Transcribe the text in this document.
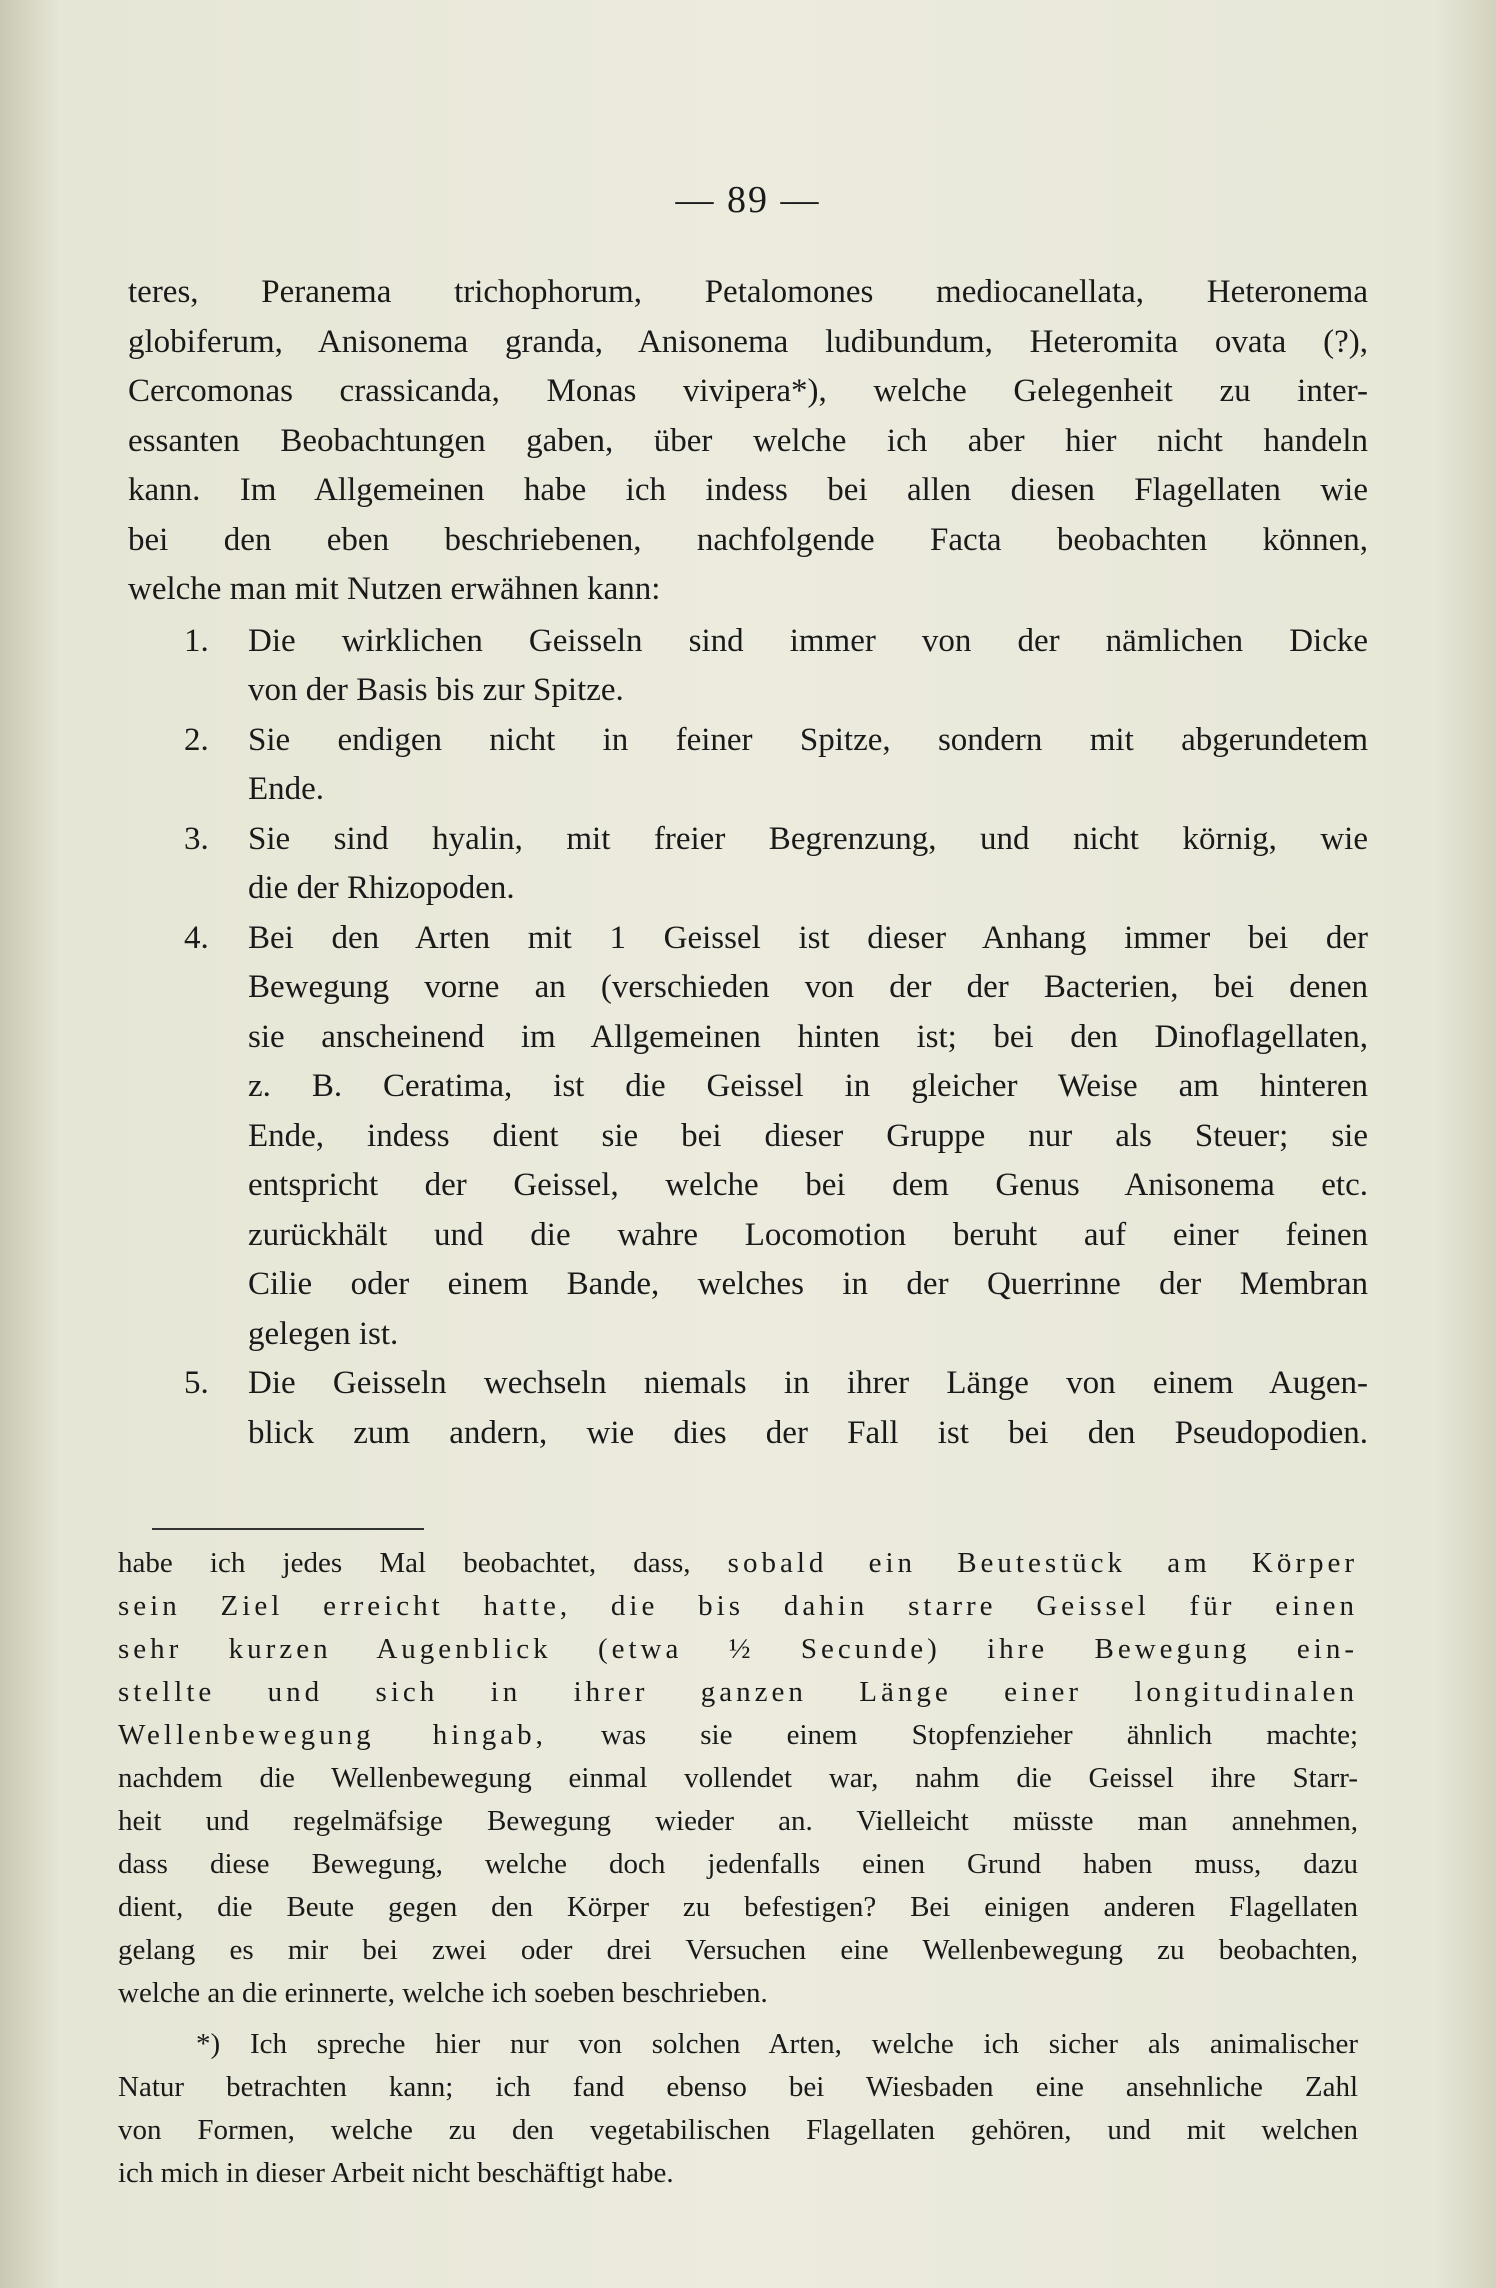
— 89 —

teres, Peranema trichophorum, Petalomones mediocanellata, Heteronema
globiferum, Anisonema granda, Anisonema ludibundum, Heteromita ovata (?),
Cercomonas crassicanda, Monas vivipera*), welche Gelegenheit zu inter-
essanten Beobachtungen gaben, über welche ich aber hier nicht handeln
kann. Im Allgemeinen habe ich indess bei allen diesen Flagellaten wie
bei den eben beschriebenen, nachfolgende Facta beobachten können,
welche man mit Nutzen erwähnen kann:

1. Die wirklichen Geisseln sind immer von der nämlichen Dicke
von der Basis bis zur Spitze.
2. Sie endigen nicht in feiner Spitze, sondern mit abgerundetem
Ende.
3. Sie sind hyalin, mit freier Begrenzung, und nicht körnig, wie
die der Rhizopoden.
4. Bei den Arten mit 1 Geissel ist dieser Anhang immer bei der
Bewegung vorne an (verschieden von der der Bacterien, bei denen
sie anscheinend im Allgemeinen hinten ist; bei den Dinoflagellaten,
z. B. Ceratima, ist die Geissel in gleicher Weise am hinteren
Ende, indess dient sie bei dieser Gruppe nur als Steuer; sie
entspricht der Geissel, welche bei dem Genus Anisonema etc.
zurückhält und die wahre Locomotion beruht auf einer feinen
Cilie oder einem Bande, welches in der Querrinne der Membran
gelegen ist.
5. Die Geisseln wechseln niemals in ihrer Länge von einem Augen-
blick zum andern, wie dies der Fall ist bei den Pseudopodien.
habe ich jedes Mal beobachtet, dass, sobald ein Beutestück am Körper
sein Ziel erreicht hatte, die bis dahin starre Geissel für einen
sehr kurzen Augenblick (etwa ½ Secunde) ihre Bewegung ein-
stellte und sich in ihrer ganzen Länge einer longitudinalen
Wellenbewegung hingab, was sie einem Stopfenzieher ähnlich machte;
nachdem die Wellenbewegung einmal vollendet war, nahm die Geissel ihre Starr-
heit und regelmäfsige Bewegung wieder an. Vielleicht müsste man annehmen,
dass diese Bewegung, welche doch jedenfalls einen Grund haben muss, dazu
dient, die Beute gegen den Körper zu befestigen? Bei einigen anderen Flagellaten
gelang es mir bei zwei oder drei Versuchen eine Wellenbewegung zu beobachten,
welche an die erinnerte, welche ich soeben beschrieben.
*) Ich spreche hier nur von solchen Arten, welche ich sicher als animalischer
Natur betrachten kann; ich fand ebenso bei Wiesbaden eine ansehnliche Zahl
von Formen, welche zu den vegetabilischen Flagellaten gehören, und mit welchen
ich mich in dieser Arbeit nicht beschäftigt habe.
